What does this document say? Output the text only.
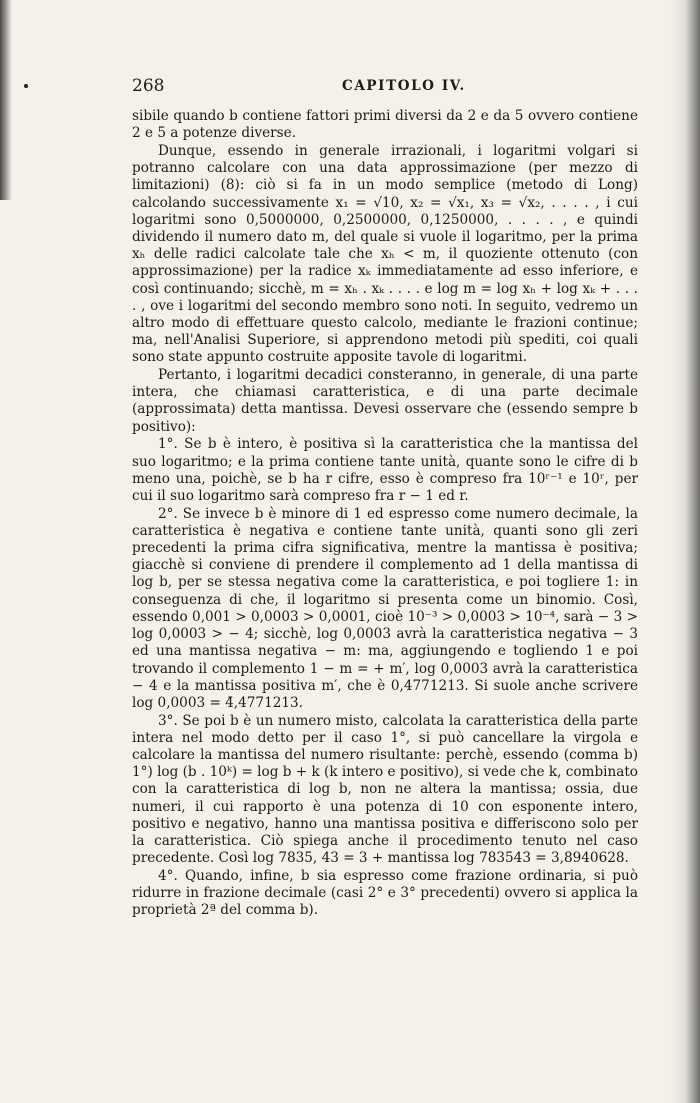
268	CAPITOLO IV.

sibile quando b contiene fattori primi diversi da 2 e da 5 ovvero contiene 2 e 5 a potenze diverse.

Dunque, essendo in generale irrazionali, i logaritmi volgari si potranno calcolare con una data approssimazione (per mezzo di limitazioni) (8): ciò si fa in un modo semplice (metodo di Long) calcolando successivamente x₁ = √10, x₂ = √x₁, x₃ = √x₂, . . . . , i cui logaritmi sono 0,5000000, 0,2500000, 0,1250000, . . . . , e quindi dividendo il numero dato m, del quale si vuole il logaritmo, per la prima xₕ delle radici calcolate tale che xₕ < m, il quoziente ottenuto (con approssimazione) per la radice xₖ immediatamente ad esso inferiore, e così continuando; sicchè, m = xₕ . xₖ . . . . e log m = log xₕ + log xₖ + . . . . , ove i logaritmi del secondo membro sono noti. In seguito, vedremo un altro modo di effettuare questo calcolo, mediante le frazioni continue; ma, nell'Analisi Superiore, si apprendono metodi più spediti, coi quali sono state appunto costruite apposite tavole di logaritmi.

Pertanto, i logaritmi decadici consteranno, in generale, di una parte intera, che chiamasi caratteristica, e di una parte decimale (approssimata) detta mantissa. Devesi osservare che (essendo sempre b positivo):

1°. Se b è intero, è positiva sì la caratteristica che la mantissa del suo logaritmo; e la prima contiene tante unità, quante sono le cifre di b meno una, poichè, se b ha r cifre, esso è compreso fra 10ʳ⁻¹ e 10ʳ, per cui il suo logaritmo sarà compreso fra r − 1 ed r.

2°. Se invece b è minore di 1 ed espresso come numero decimale, la caratteristica è negativa e contiene tante unità, quanti sono gli zeri precedenti la prima cifra significativa, mentre la mantissa è positiva; giacchè si conviene di prendere il complemento ad 1 della mantissa di log b, per se stessa negativa come la caratteristica, e poi togliere 1: in conseguenza di che, il logaritmo si presenta come un binomio. Così, essendo 0,001 > 0,0003 > 0,0001, cioè 10⁻³ > 0,0003 > 10⁻⁴, sarà − 3 > log 0,0003 > − 4; sicchè, log 0,0003 avrà la caratteristica negativa − 3 ed una mantissa negativa − m: ma, aggiungendo e togliendo 1 e poi trovando il complemento 1 − m = + m′, log 0,0003 avrà la caratteristica − 4 e la mantissa positiva m′, che è 0,4771213. Si suole anche scrivere log 0,0003 = 4̄,4771213.

3°. Se poi b è un numero misto, calcolata la caratteristica della parte intera nel modo detto per il caso 1°, si può cancellare la virgola e calcolare la mantissa del numero risultante: perchè, essendo (comma b) 1°) log (b . 10ᵏ) = log b + k (k intero e positivo), si vede che k, combinato con la caratteristica di log b, non ne altera la mantissa; ossia, due numeri, il cui rapporto è una potenza di 10 con esponente intero, positivo e negativo, hanno una mantissa positiva e differiscono solo per la caratteristica. Ciò spiega anche il procedimento tenuto nel caso precedente. Così log 7835, 43 = 3 + mantissa log 783543 = 3,8940628.

4°. Quando, infine, b sia espresso come frazione ordinaria, si può ridurre in frazione decimale (casi 2° e 3° precedenti) ovvero si applica la proprietà 2ª del comma b).
